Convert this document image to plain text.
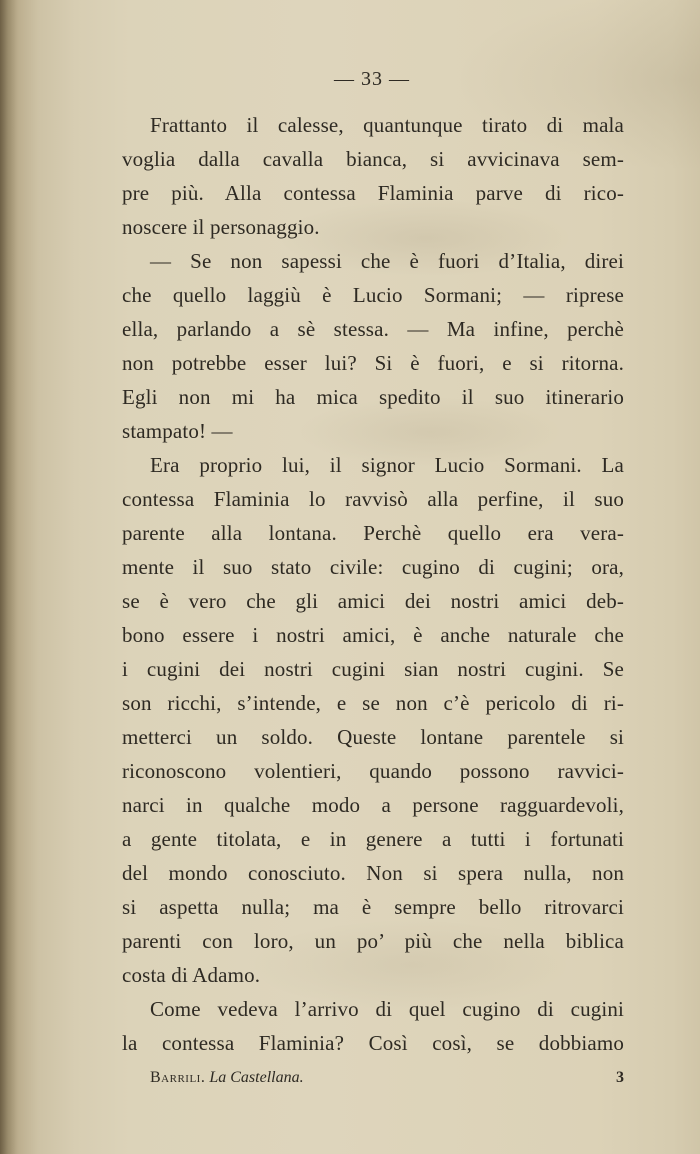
— 33 —
Frattanto il calesse, quantunque tirato di mala
voglia dalla cavalla bianca, si avvicinava sem-
pre più. Alla contessa Flaminia parve di rico-
noscere il personaggio.
— Se non sapessi che è fuori d’Italia, direi
che quello laggiù è Lucio Sormani; — riprese
ella, parlando a sè stessa. — Ma infine, perchè
non potrebbe esser lui? Si è fuori, e si ritorna.
Egli non mi ha mica spedito il suo itinerario
stampato! —
Era proprio lui, il signor Lucio Sormani. La
contessa Flaminia lo ravvisò alla perfine, il suo
parente alla lontana. Perchè quello era vera-
mente il suo stato civile: cugino di cugini; ora,
se è vero che gli amici dei nostri amici deb-
bono essere i nostri amici, è anche naturale che
i cugini dei nostri cugini sian nostri cugini. Se
son ricchi, s’intende, e se non c’è pericolo di ri-
metterci un soldo. Queste lontane parentele si
riconoscono volentieri, quando possono ravvici-
narci in qualche modo a persone ragguardevoli,
a gente titolata, e in genere a tutti i fortunati
del mondo conosciuto. Non si spera nulla, non
si aspetta nulla; ma è sempre bello ritrovarci
parenti con loro, un po’ più che nella biblica
costa di Adamo.
Come vedeva l’arrivo di quel cugino di cugini
la contessa Flaminia? Così così, se dobbiamo
Barrili. La Castellana.	3
